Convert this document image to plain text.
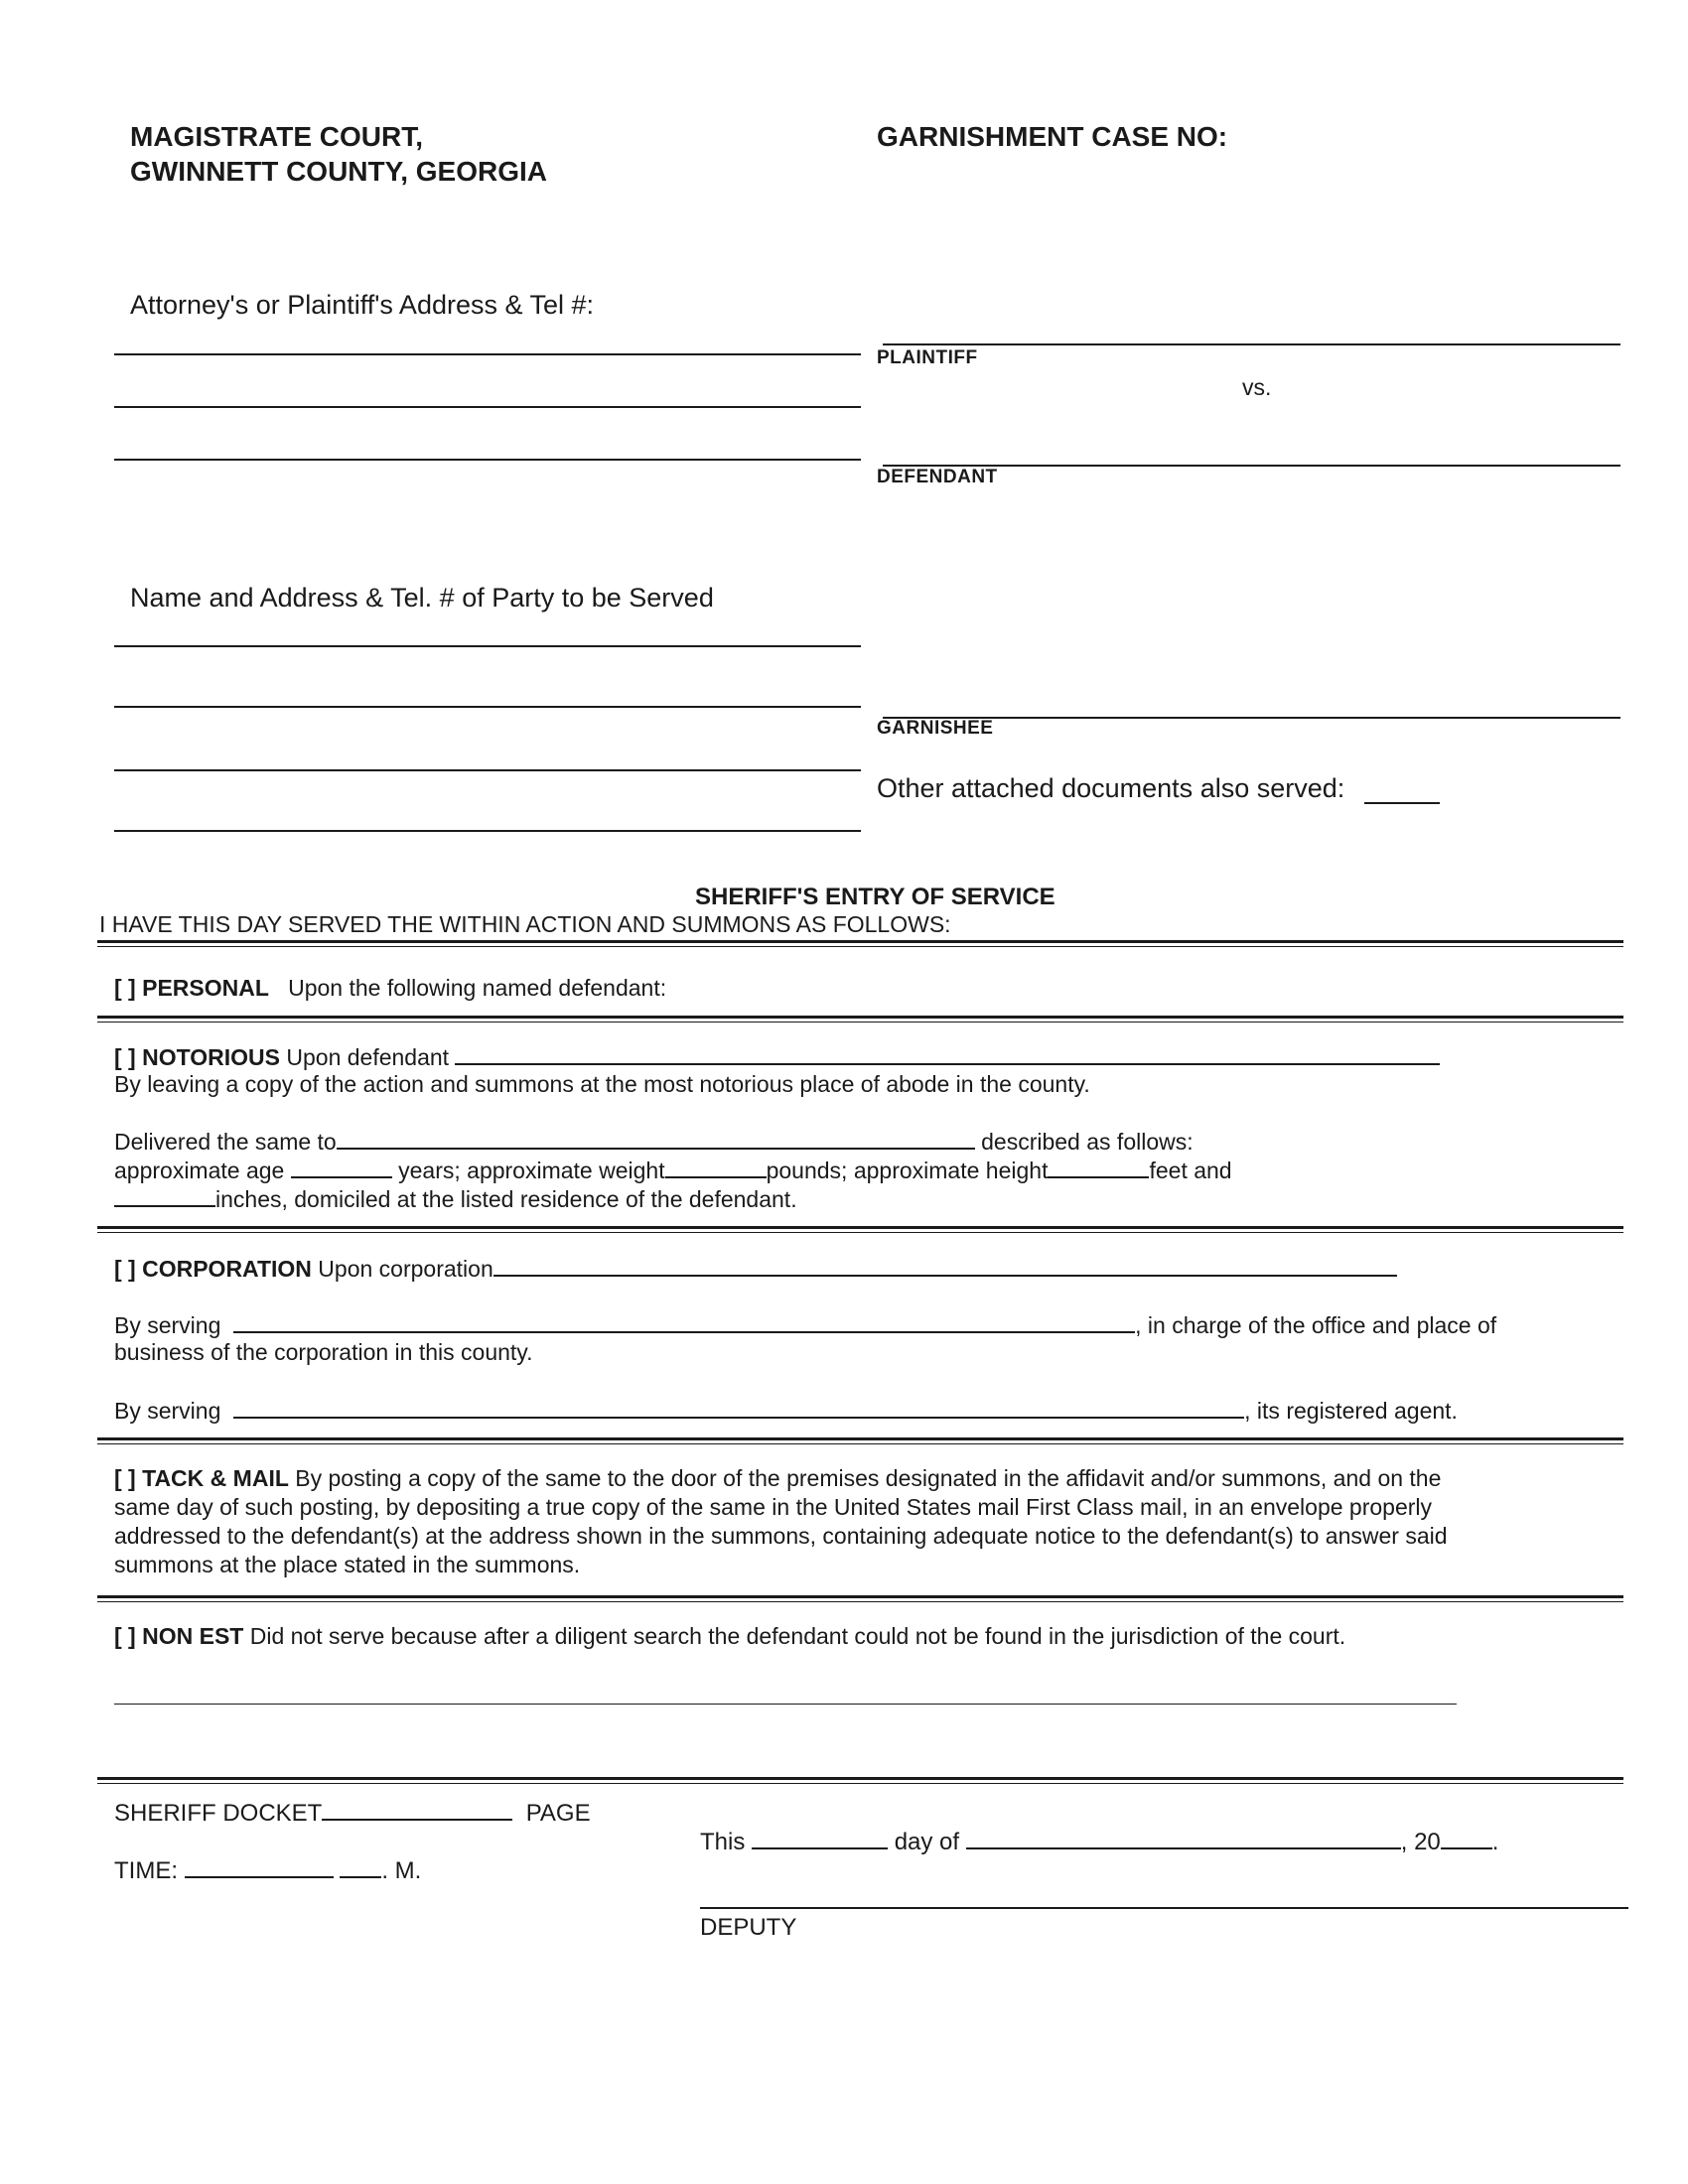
MAGISTRATE COURT,
GWINNETT COUNTY, GEORGIA
GARNISHMENT CASE NO:
Attorney's or Plaintiff's Address & Tel #:
PLAINTIFF
vs.
DEFENDANT
Name and Address & Tel. # of Party to be Served
GARNISHEE
Other attached documents also served:
SHERIFF'S ENTRY OF SERVICE
I HAVE THIS DAY SERVED THE WITHIN ACTION AND SUMMONS AS FOLLOWS:
[ ] PERSONAL Upon the following named defendant:
[ ] NOTORIOUS Upon defendant
By leaving a copy of the action and summons at the most notorious place of abode in the county.
Delivered the same to	described as follows:
approximate age	years; approximate weight	pounds; approximate height	feet and
inches, domiciled at the listed residence of the defendant.
[ ] CORPORATION Upon corporation
By serving	, in charge of the office and place of
business of the corporation in this county.
By serving	, its registered agent.
[ ] TACK & MAIL By posting a copy of the same to the door of the premises designated in the affidavit and/or summons, and on the
same day of such posting, by depositing a true copy of the same in the United States mail First Class mail, in an envelope properly
addressed to the defendant(s) at the address shown in the summons, containing adequate notice to the defendant(s) to answer said
summons at the place stated in the summons.
[ ] NON EST Did not serve because after a diligent search the defendant could not be found in the jurisdiction of the court.
SHERIFF DOCKET	PAGE
TIME:	. M.
This	day of	, 20 .
DEPUTY
